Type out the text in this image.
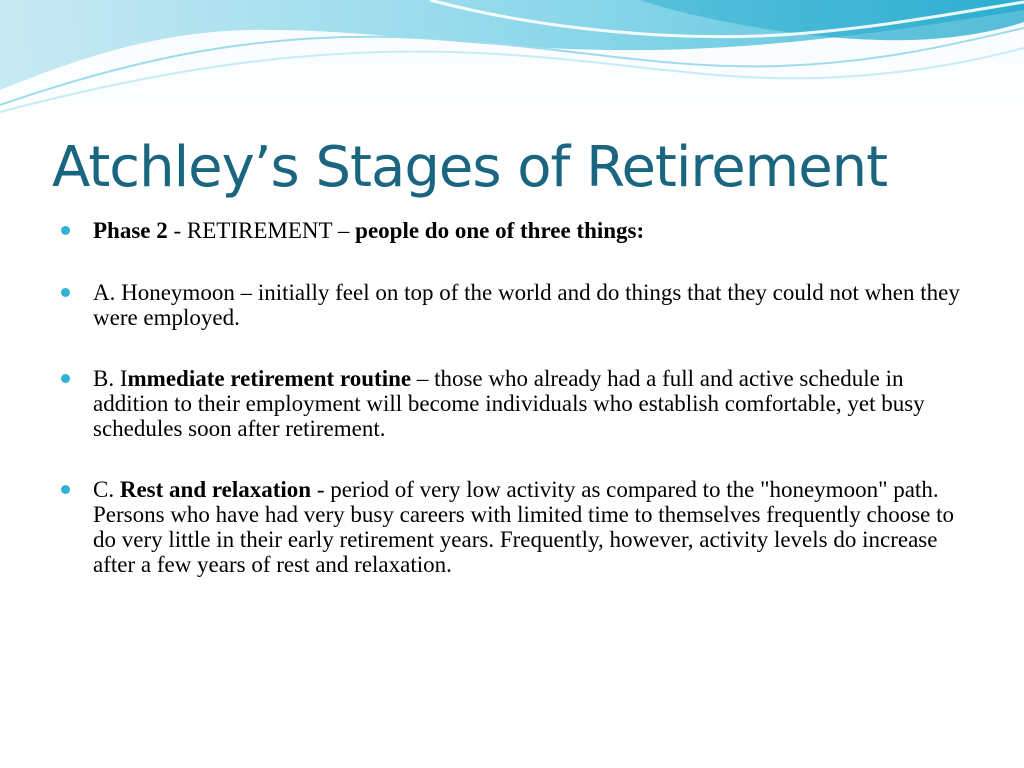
Atchley’s Stages of Retirement
Phase 2 - RETIREMENT – people do one of three things:
A. Honeymoon – initially feel on top of the world and do things that they could not when they were employed.
B. Immediate retirement routine – those who already had a full and active schedule in addition to their employment will become individuals who establish comfortable, yet busy schedules soon after retirement.
C. Rest and relaxation - period of very low activity as compared to the "honeymoon" path. Persons who have had very busy careers with limited time to themselves frequently choose to do very little in their early retirement years. Frequently, however, activity levels do increase after a few years of rest and relaxation.
